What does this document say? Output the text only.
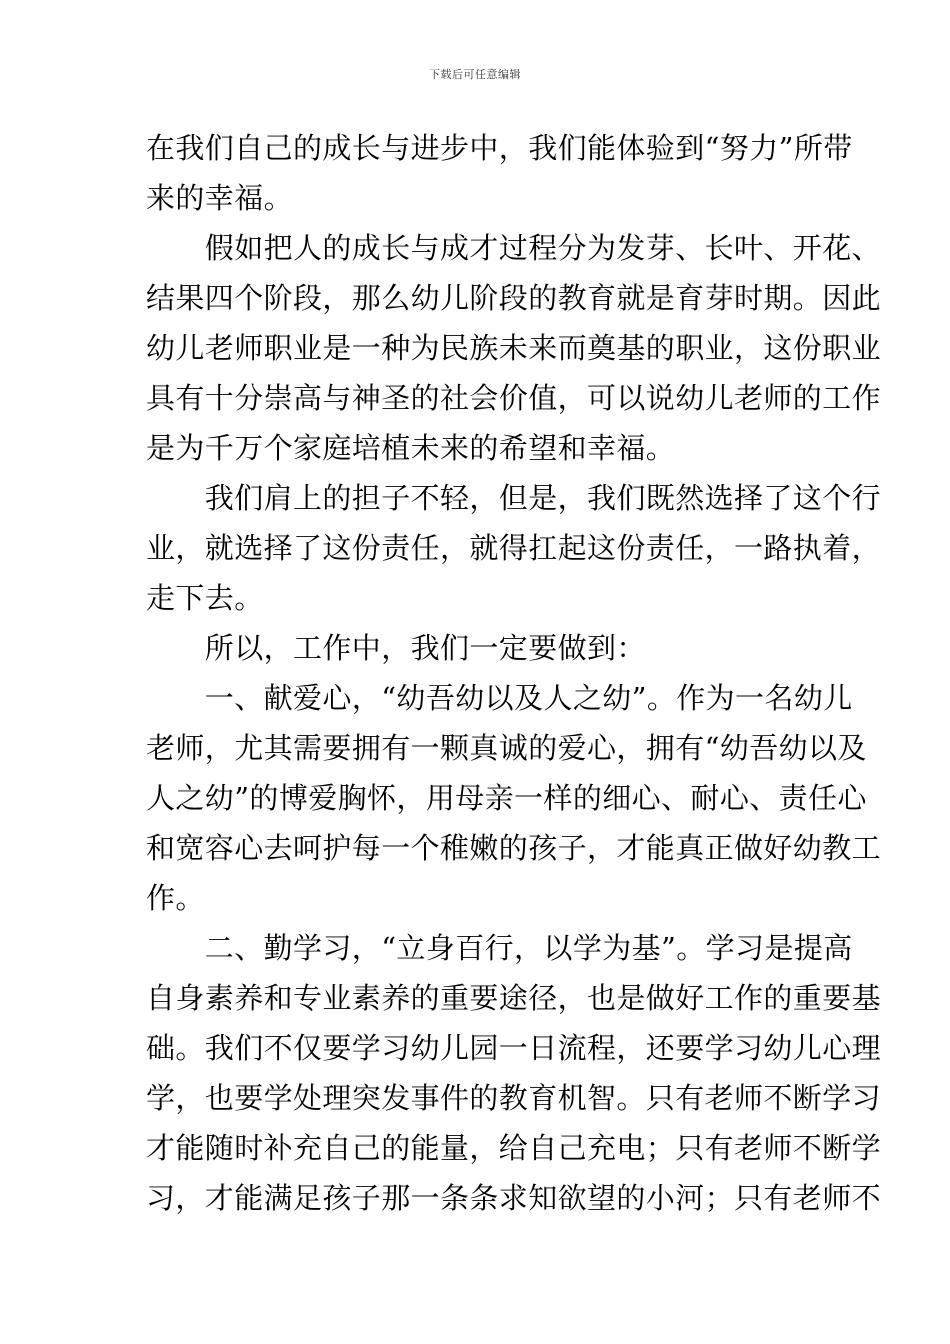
下载后可任意编辑
在我们自己的成长与进步中，我们能体验到“努力”所带
来的幸福。
　　假如把人的成长与成才过程分为发芽、长叶、开花、
结果四个阶段，那么幼儿阶段的教育就是育芽时期。因此
幼儿老师职业是一种为民族未来而奠基的职业，这份职业
具有十分崇高与神圣的社会价值，可以说幼儿老师的工作
是为千万个家庭培植未来的希望和幸福。
　　我们肩上的担子不轻，但是，我们既然选择了这个行
业，就选择了这份责任，就得扛起这份责任，一路执着，
走下去。
　　所以，工作中，我们一定要做到：
　　一、献爱心，“幼吾幼以及人之幼”。作为一名幼儿
老师，尤其需要拥有一颗真诚的爱心，拥有“幼吾幼以及
人之幼”的博爱胸怀，用母亲一样的细心、耐心、责任心
和宽容心去呵护每一个稚嫩的孩子，才能真正做好幼教工
作。
　　二、勤学习，“立身百行，以学为基”。学习是提高
自身素养和专业素养的重要途径，也是做好工作的重要基
础。我们不仅要学习幼儿园一日流程，还要学习幼儿心理
学，也要学处理突发事件的教育机智。只有老师不断学习
才能随时补充自己的能量，给自己充电；只有老师不断学
习，才能满足孩子那一条条求知欲望的小河；只有老师不
